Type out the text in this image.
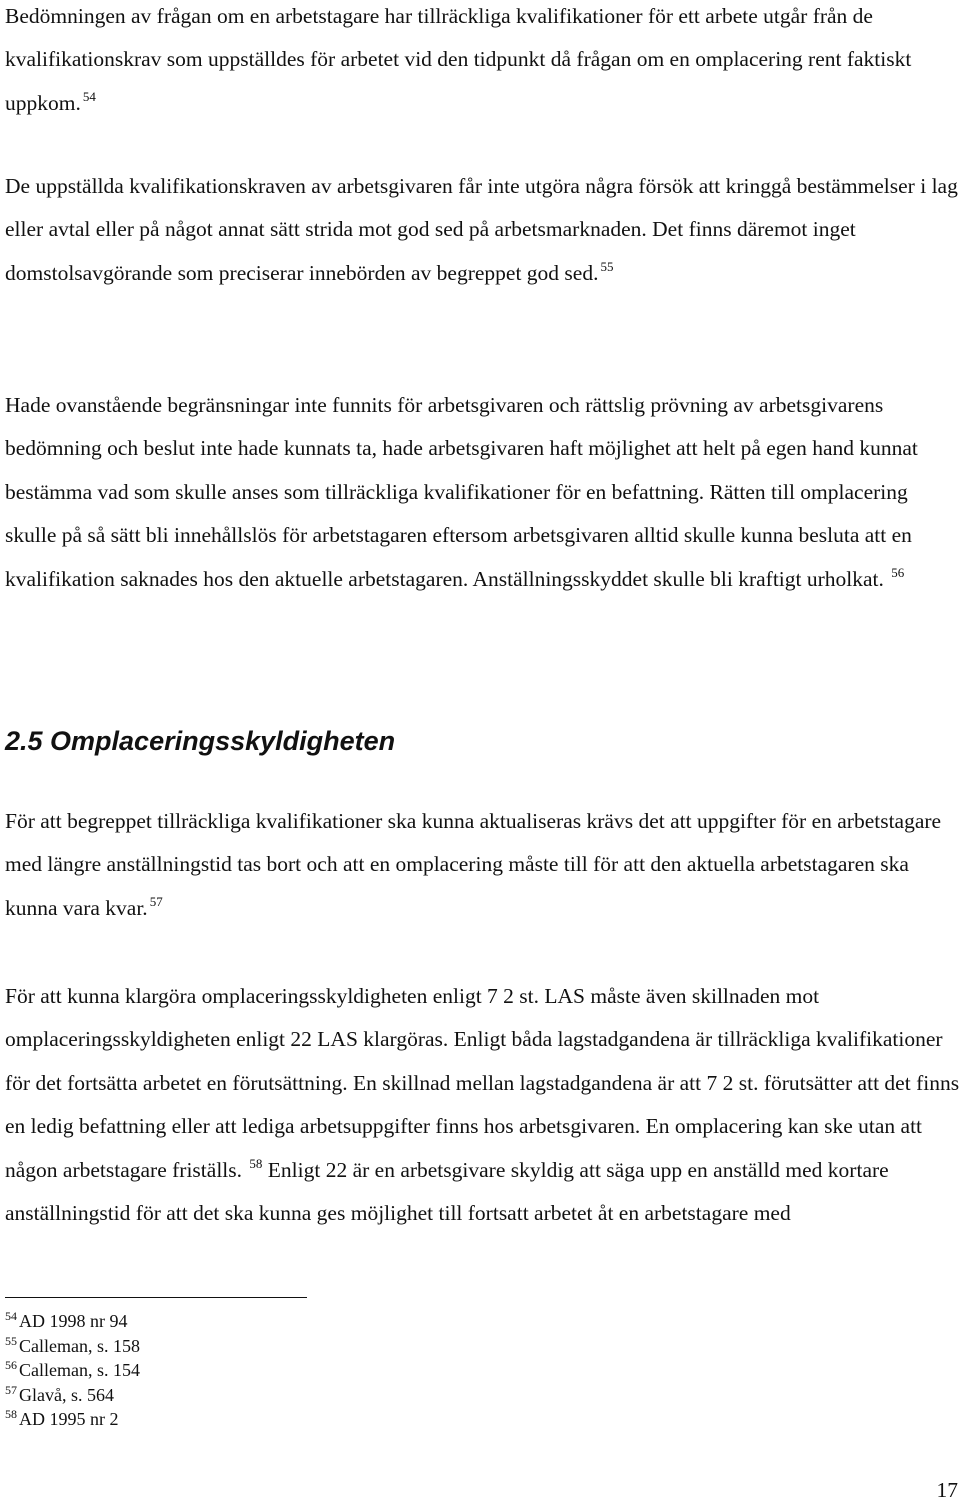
Bedömningen av frågan om en arbetstagare har tillräckliga kvalifikationer för ett arbete utgår från de kvalifikationskrav som uppställdes för arbetet vid den tidpunkt då frågan om en omplacering rent faktiskt uppkom. $^{54}$

De uppställda kvalifikationskraven av arbetsgivaren får inte utgöra några försök att kringgå bestämmelser i lag eller avtal eller på något annat sätt strida mot god sed på arbetsmarknaden. Det finns däremot inget domstolsavgörande som preciserar innebörden av begreppet god sed. $^{55}$

Hade ovanstående begränsningar inte funnits för arbetsgivaren och rättslig prövning av arbetsgivarens bedömning och beslut inte hade kunnats ta, hade arbetsgivaren haft möjlighet att helt på egen hand kunnat bestämma vad som skulle anses som tillräckliga kvalifikationer för en befattning. Rätten till omplacering skulle på så sätt bli innehållslös för arbetstagaren eftersom arbetsgivaren alltid skulle kunna besluta att en kvalifikation saknades hos den aktuelle arbetstagaren. Anställningsskyddet skulle bli kraftigt urholkat. $^{56}$

2.5 Omplaceringsskyldigheten

För att begreppet tillräckliga kvalifikationer ska kunna aktualiseras krävs det att uppgifter för en arbetstagare med längre anställningstid tas bort och att en omplacering måste till för att den aktuella arbetstagaren ska kunna vara kvar. $^{57}$

För att kunna klargöra omplaceringsskyldigheten enligt 7 2 st. LAS måste även skillnaden mot omplaceringsskyldigheten enligt 22 LAS klargöras. Enligt båda lagstadgandena är tillräckliga kvalifikationer för det fortsätta arbetet en förutsättning. En skillnad mellan lagstadgandena är att 7 2 st. förutsätter att det finns en ledig befattning eller att lediga arbetsuppgifter finns hos arbetsgivaren. En omplacering kan ske utan att någon arbetstagare friställs. $^{58}$ Enligt 22 är en arbetsgivare skyldig att säga upp en anställd med kortare anställningstid för att det ska kunna ges möjlighet till fortsatt arbetet åt en arbetstagare med

$^{54}$ AD 1998 nr 94
$^{55}$ Calleman, s. 158
$^{56}$ Calleman, s. 154
$^{57}$ Glavå, s. 564
$^{58}$ AD 1995 nr 2
17
